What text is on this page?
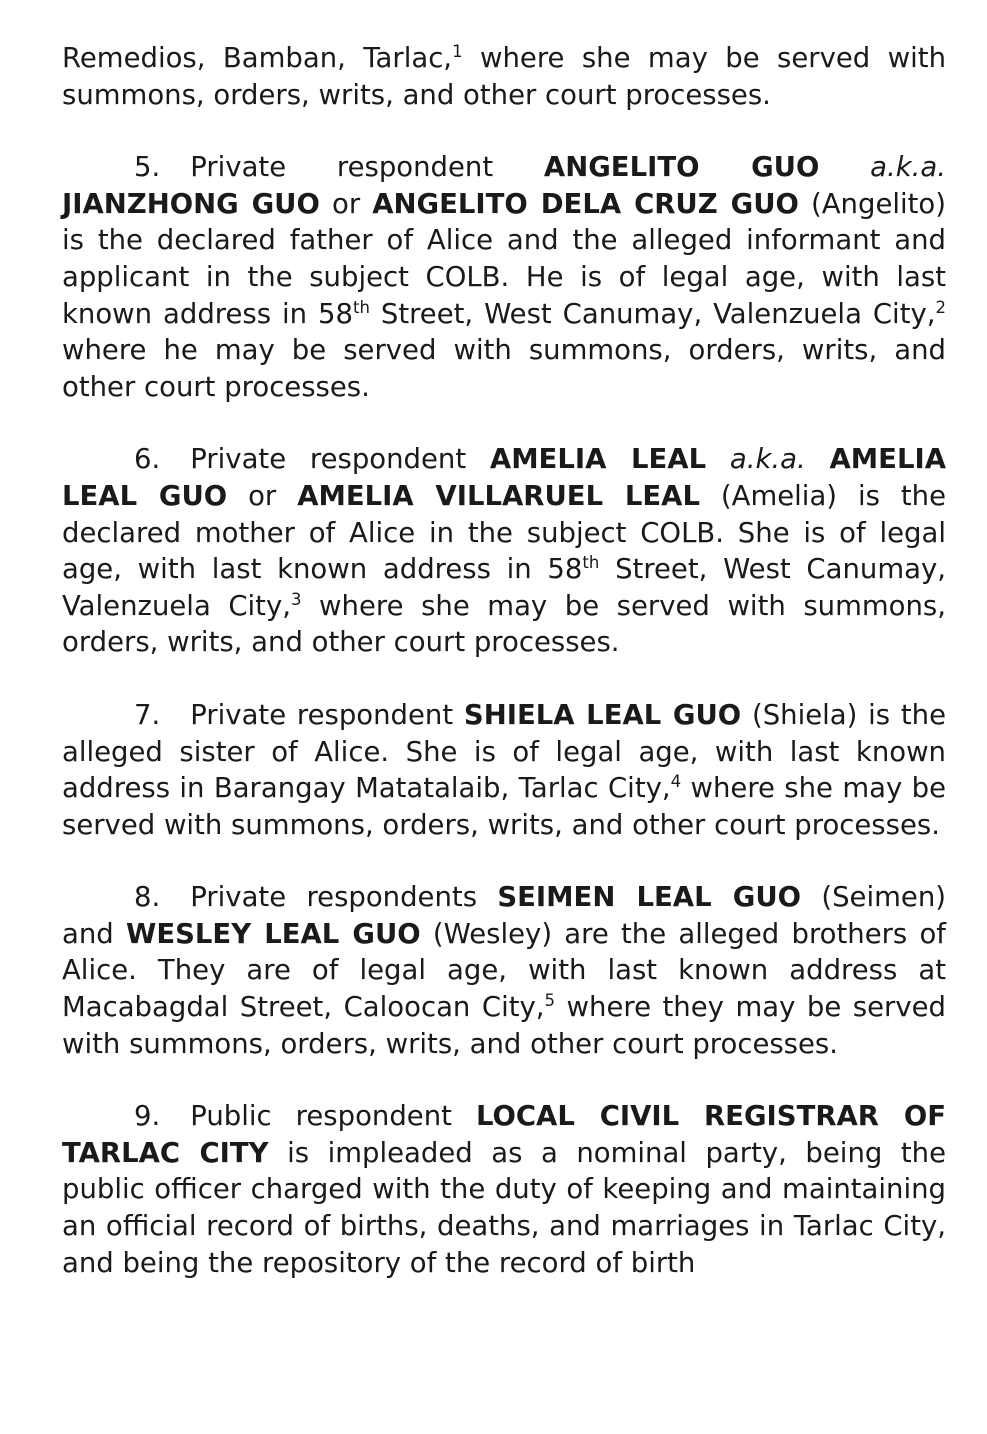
Remedios, Bamban, Tarlac,$^1$ where she may be served with summons, orders, writs, and other court processes.

5. Private respondent ANGELITO GUO a.k.a. JIANZHONG GUO or ANGELITO DELA CRUZ GUO (Angelito) is the declared father of Alice and the alleged informant and applicant in the subject COLB. He is of legal age, with last known address in 58th Street, West Canumay, Valenzuela City,$^2$ where he may be served with summons, orders, writs, and other court processes.

6. Private respondent AMELIA LEAL a.k.a. AMELIA LEAL GUO or AMELIA VILLARUEL LEAL (Amelia) is the declared mother of Alice in the subject COLB. She is of legal age, with last known address in 58th Street, West Canumay, Valenzuela City,$^3$ where she may be served with summons, orders, writs, and other court processes.

7. Private respondent SHIELA LEAL GUO (Shiela) is the alleged sister of Alice. She is of legal age, with last known address in Barangay Matatalaib, Tarlac City,$^4$ where she may be served with summons, orders, writs, and other court processes.

8. Private respondents SEIMEN LEAL GUO (Seimen) and WESLEY LEAL GUO (Wesley) are the alleged brothers of Alice. They are of legal age, with last known address at Macabagdal Street, Caloocan City,$^5$ where they may be served with summons, orders, writs, and other court processes.

9. Public respondent LOCAL CIVIL REGISTRAR OF TARLAC CITY is impleaded as a nominal party, being the public officer charged with the duty of keeping and maintaining an official record of births, deaths, and marriages in Tarlac City, and being the repository of the record of birth
